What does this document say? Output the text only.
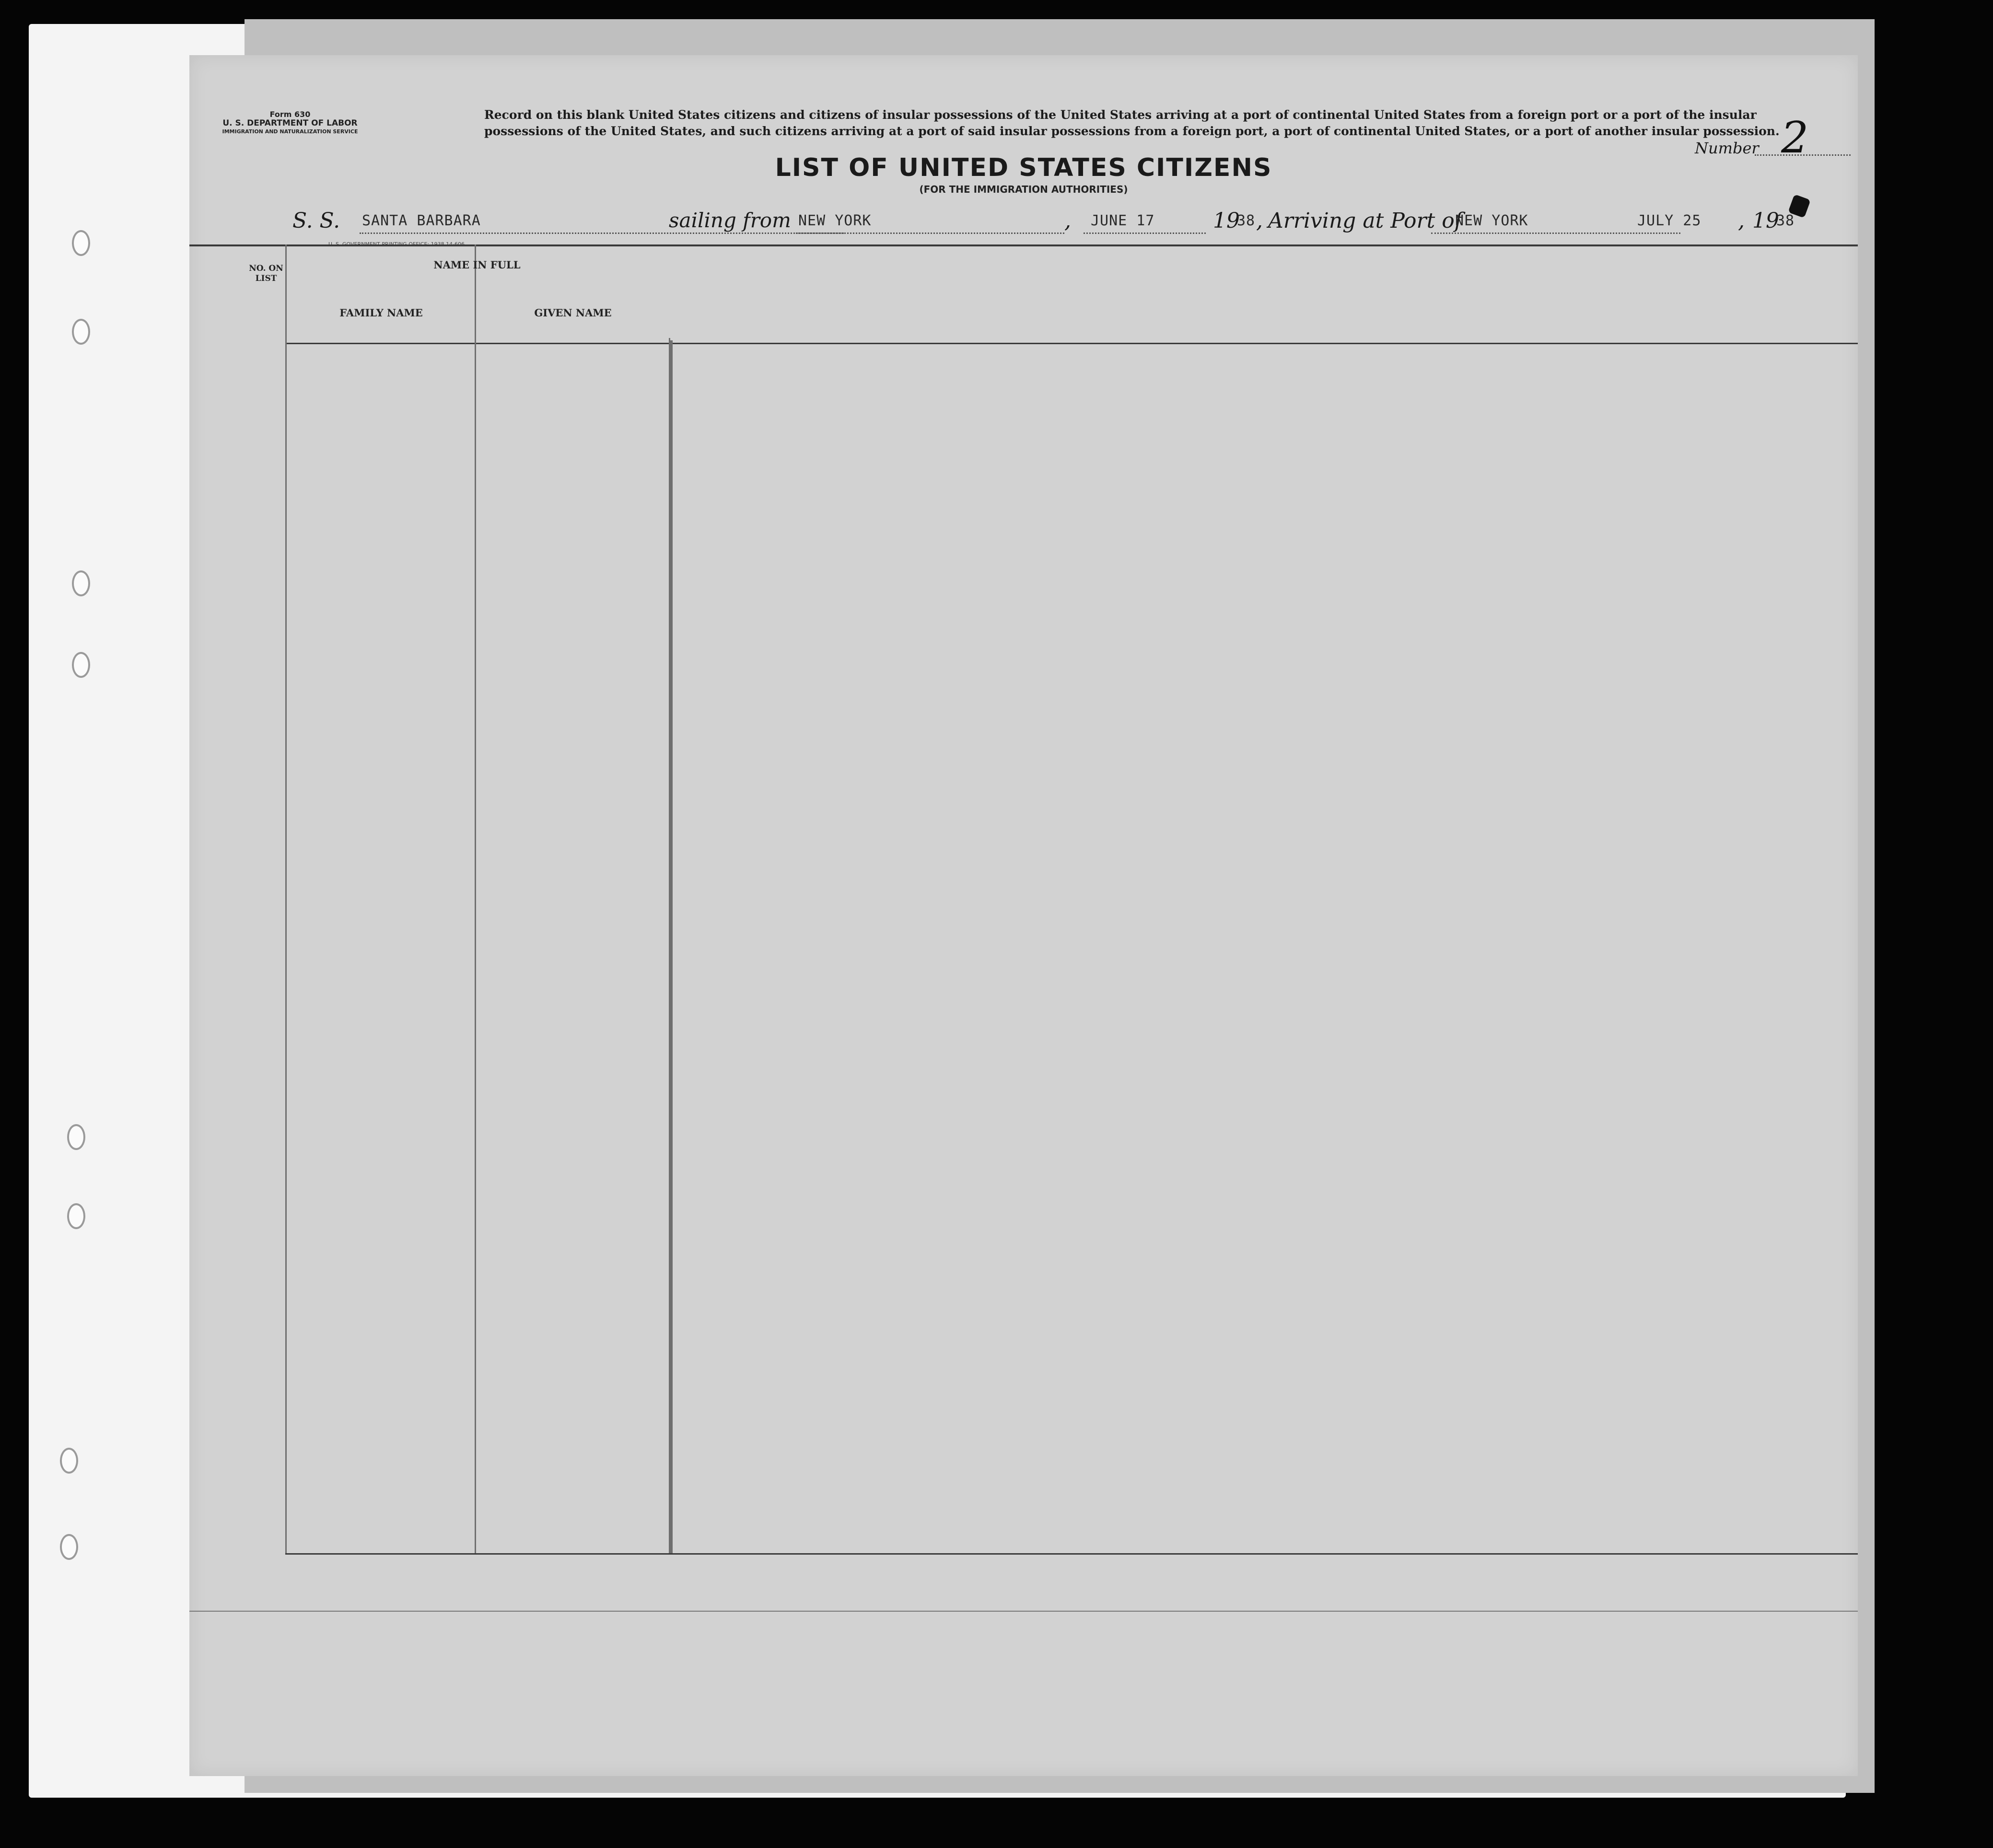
Form 630
U. S. DEPARTMENT OF LABOR
IMMIGRATION AND NATURALIZATION SERVICE
Record on this blank United States citizens and citizens of insular possessions of the United States arriving at a port of continental United States from a foreign port or a port of the insular possessions of the United States, and such citizens arriving at a port of said insular possessions from a foreign port, a port of continental United States, or a port of another insular possession.
Number 2
LIST OF UNITED STATES CITIZENS
(FOR THE IMMIGRATION AUTHORITIES)
S. S. SANTA BARBARA	sailing from NEW YORK	, JUNE 17	19
38 , Arriving at Port of
NEW YORK	JULY 25 , 19
38
NO. ON LIST
NAME IN FULL
FAMILY NAME	GIVEN NAME
